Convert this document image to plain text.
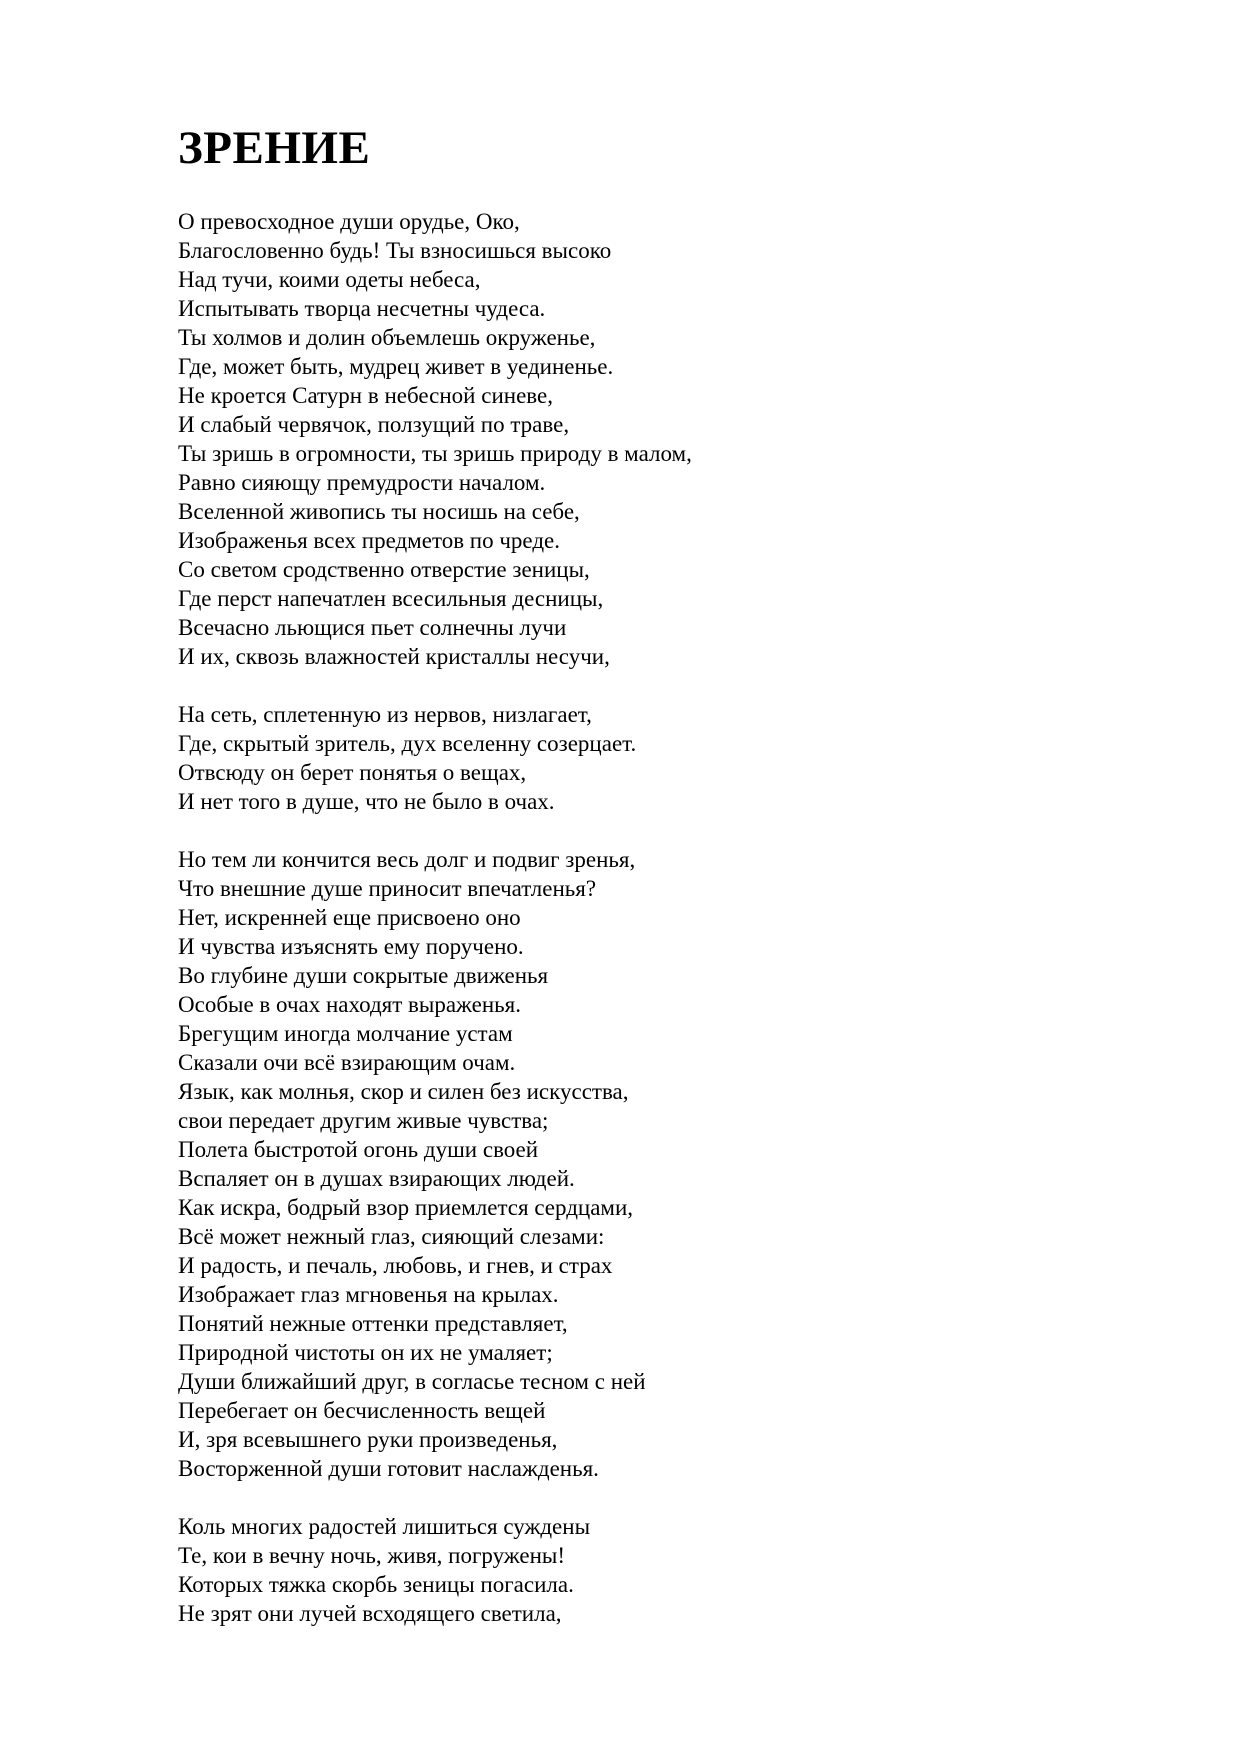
ЗРЕНИЕ
О превосходное души орудье, Око,
Благословенно будь! Ты взносишься высоко
Над тучи, коими одеты небеса,
Испытывать творца несчетны чудеса.
Ты холмов и долин объемлешь окруженье,
Где, может быть, мудрец живет в уединенье.
Не кроется Сатурн в небесной синеве,
И слабый червячок, ползущий по траве,
Ты зришь в огромности, ты зришь природу в малом,
Равно сияющу премудрости началом.
Вселенной живопись ты носишь на себе,
Изображенья всех предметов по чреде.
Со светом сродственно отверстие зеницы,
Где перст напечатлен всесильныя десницы,
Всечасно льющися пьет солнечны лучи
И их, сквозь влажностей кристаллы несучи,
На сеть, сплетенную из нервов, низлагает,
Где, скрытый зритель, дух вселенну созерцает.
Отвсюду он берет понятья о вещах,
И нет того в душе, что не было в очах.
Но тем ли кончится весь долг и подвиг зренья,
Что внешние душе приносит впечатленья?
Нет, искренней еще присвоено оно
И чувства изъяснять ему поручено.
Во глубине души сокрытые движенья
Особые в очах находят выраженья.
Брегущим иногда молчание устам
Сказали очи всё взирающим очам.
Язык, как молнья, скор и силен без искусства,
свои передает другим живые чувства;
Полета быстротой огонь души своей
Вспаляет он в душах взирающих людей.
Как искра, бодрый взор приемлется сердцами,
Всё может нежный глаз, сияющий слезами:
И радость, и печаль, любовь, и гнев, и страх
Изображает глаз мгновенья на крылах.
Понятий нежные оттенки представляет,
Природной чистоты он их не умаляет;
Души ближайший друг, в согласье тесном с ней
Перебегает он бесчисленность вещей
И, зря всевышнего руки произведенья,
Восторженной души готовит наслажденья.
Коль многих радостей лишиться суждены
Те, кои в вечну ночь, живя, погружены!
Которых тяжка скорбь зеницы погасила.
Не зрят они лучей всходящего светила,
